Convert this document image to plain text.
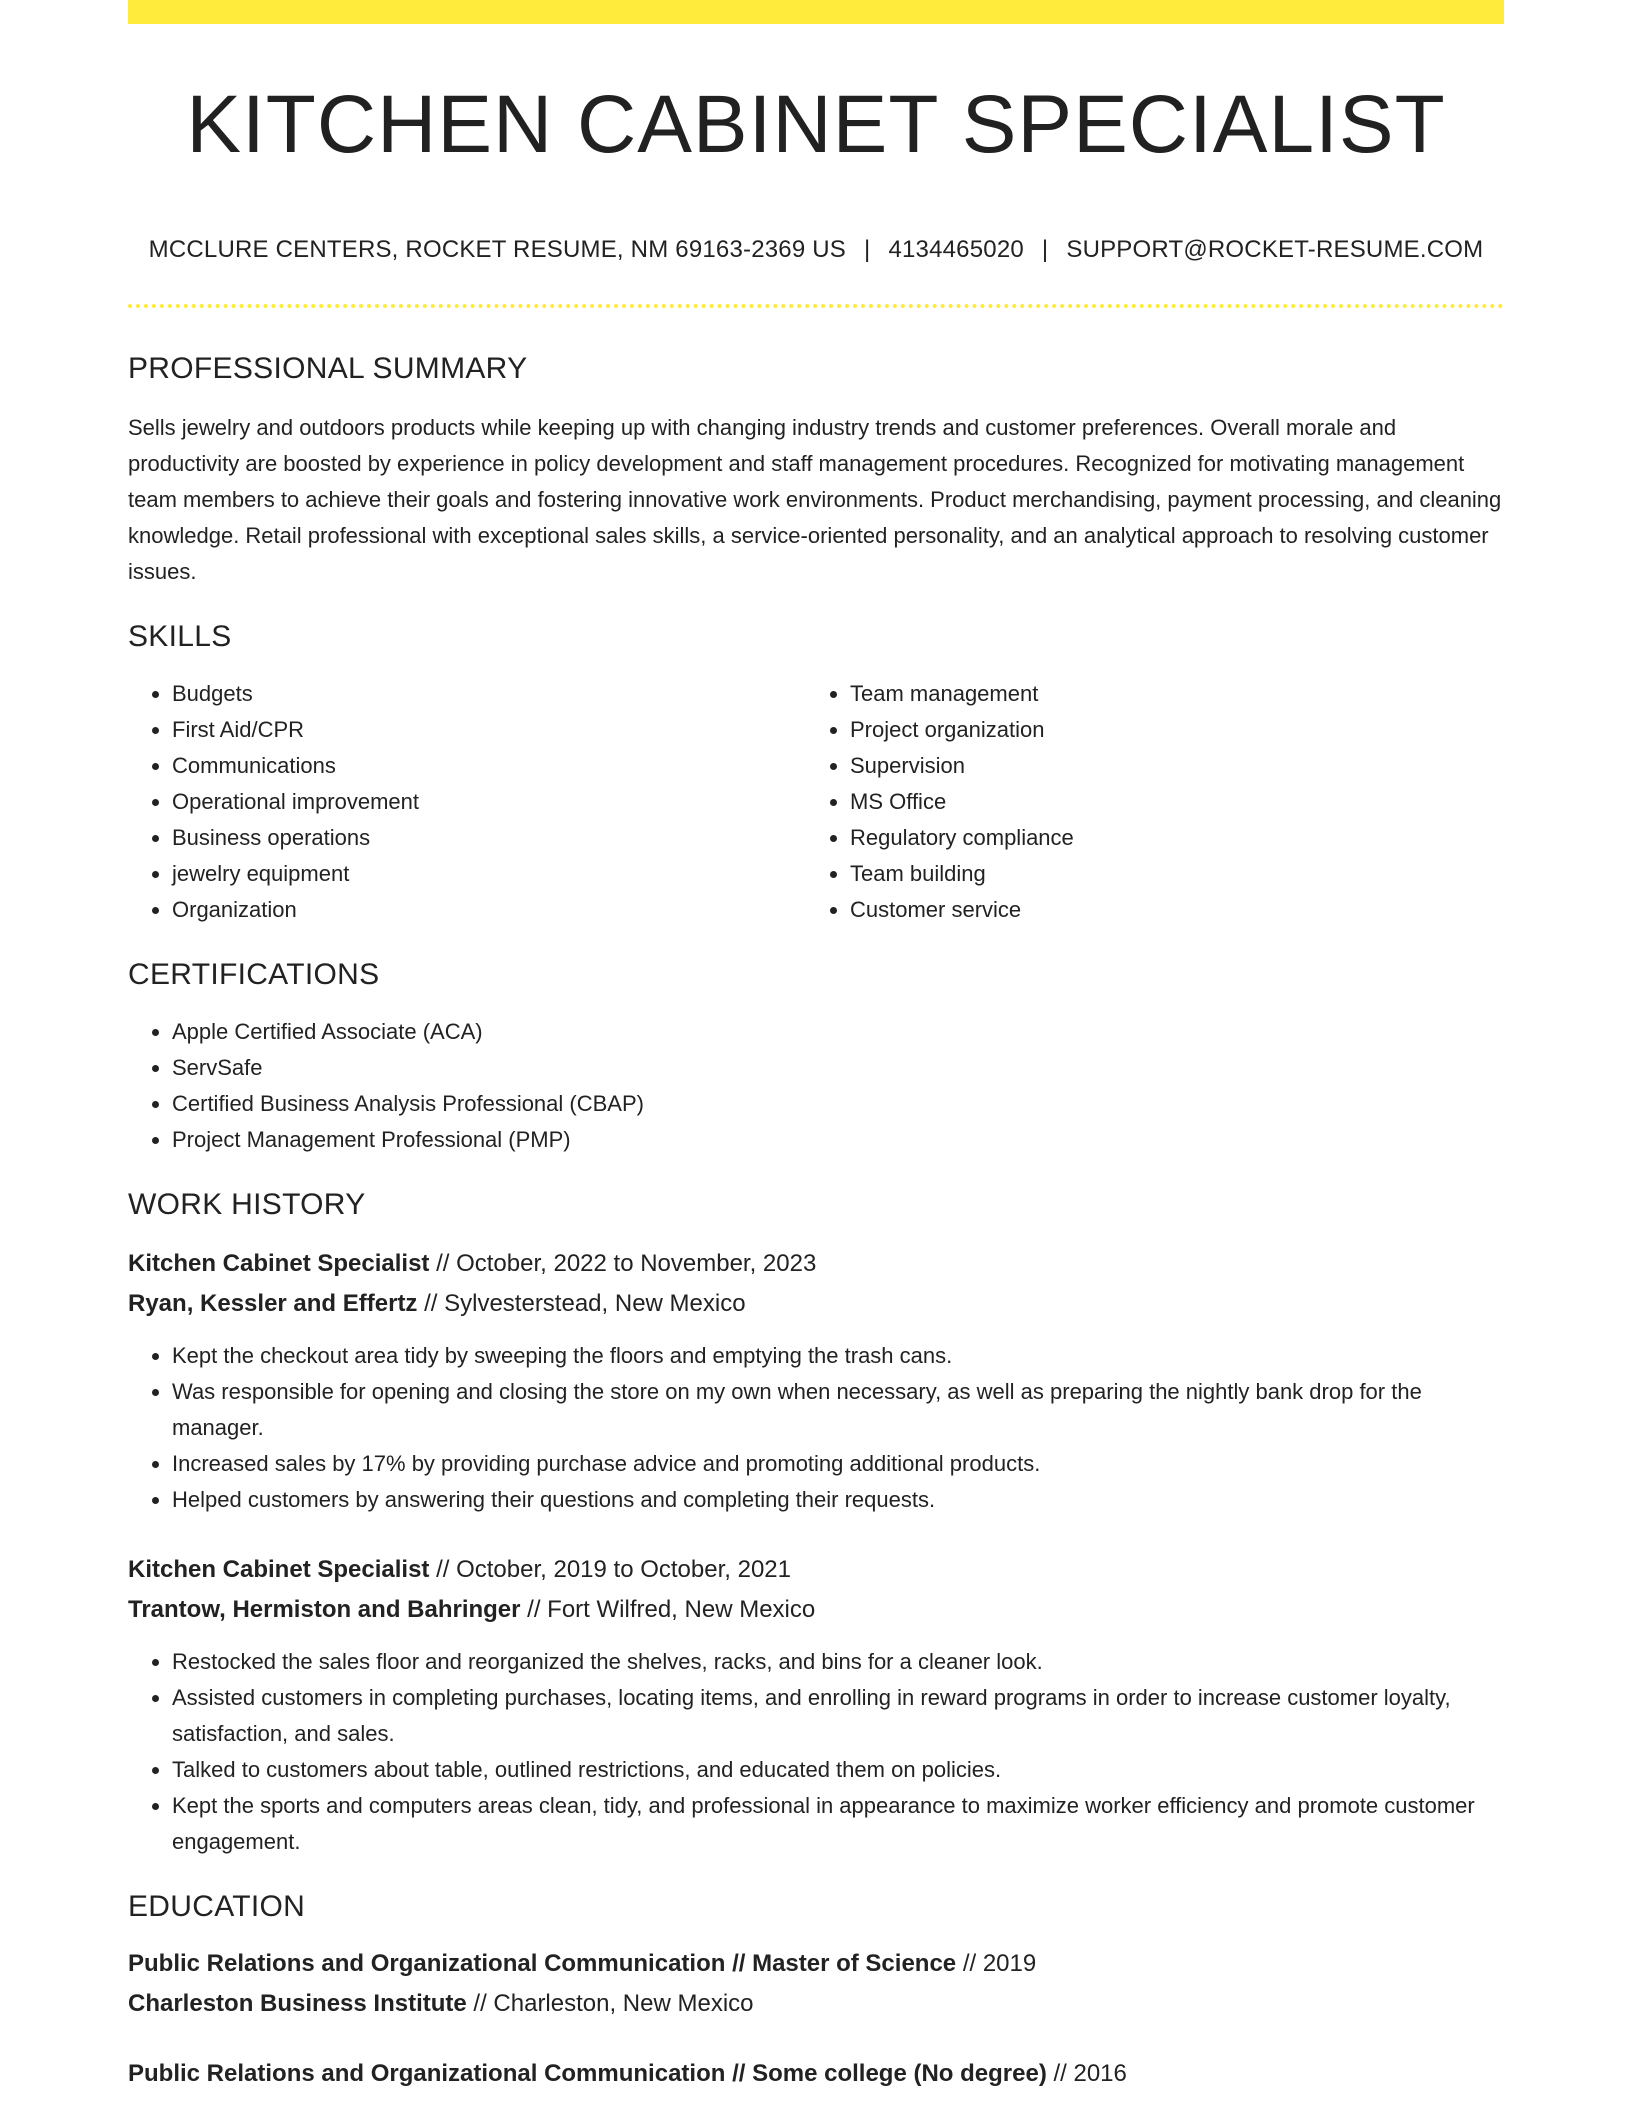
KITCHEN CABINET SPECIALIST
MCCLURE CENTERS, ROCKET RESUME, NM 69163-2369 US | 4134465020 | SUPPORT@ROCKET-RESUME.COM
PROFESSIONAL SUMMARY
Sells jewelry and outdoors products while keeping up with changing industry trends and customer preferences. Overall morale and productivity are boosted by experience in policy development and staff management procedures. Recognized for motivating management team members to achieve their goals and fostering innovative work environments. Product merchandising, payment processing, and cleaning knowledge. Retail professional with exceptional sales skills, a service-oriented personality, and an analytical approach to resolving customer issues.
SKILLS
• Budgets
• First Aid/CPR
• Communications
• Operational improvement
• Business operations
• jewelry equipment
• Organization
• Team management
• Project organization
• Supervision
• MS Office
• Regulatory compliance
• Team building
• Customer service
CERTIFICATIONS
• Apple Certified Associate (ACA)
• ServSafe
• Certified Business Analysis Professional (CBAP)
• Project Management Professional (PMP)
WORK HISTORY
Kitchen Cabinet Specialist // October, 2022 to November, 2023
Ryan, Kessler and Effertz // Sylvesterstead, New Mexico
• Kept the checkout area tidy by sweeping the floors and emptying the trash cans.
• Was responsible for opening and closing the store on my own when necessary, as well as preparing the nightly bank drop for the manager.
• Increased sales by 17% by providing purchase advice and promoting additional products.
• Helped customers by answering their questions and completing their requests.
Kitchen Cabinet Specialist // October, 2019 to October, 2021
Trantow, Hermiston and Bahringer // Fort Wilfred, New Mexico
• Restocked the sales floor and reorganized the shelves, racks, and bins for a cleaner look.
• Assisted customers in completing purchases, locating items, and enrolling in reward programs in order to increase customer loyalty, satisfaction, and sales.
• Talked to customers about table, outlined restrictions, and educated them on policies.
• Kept the sports and computers areas clean, tidy, and professional in appearance to maximize worker efficiency and promote customer engagement.
EDUCATION
Public Relations and Organizational Communication // Master of Science // 2019
Charleston Business Institute // Charleston, New Mexico
Public Relations and Organizational Communication // Some college (No degree) // 2016
